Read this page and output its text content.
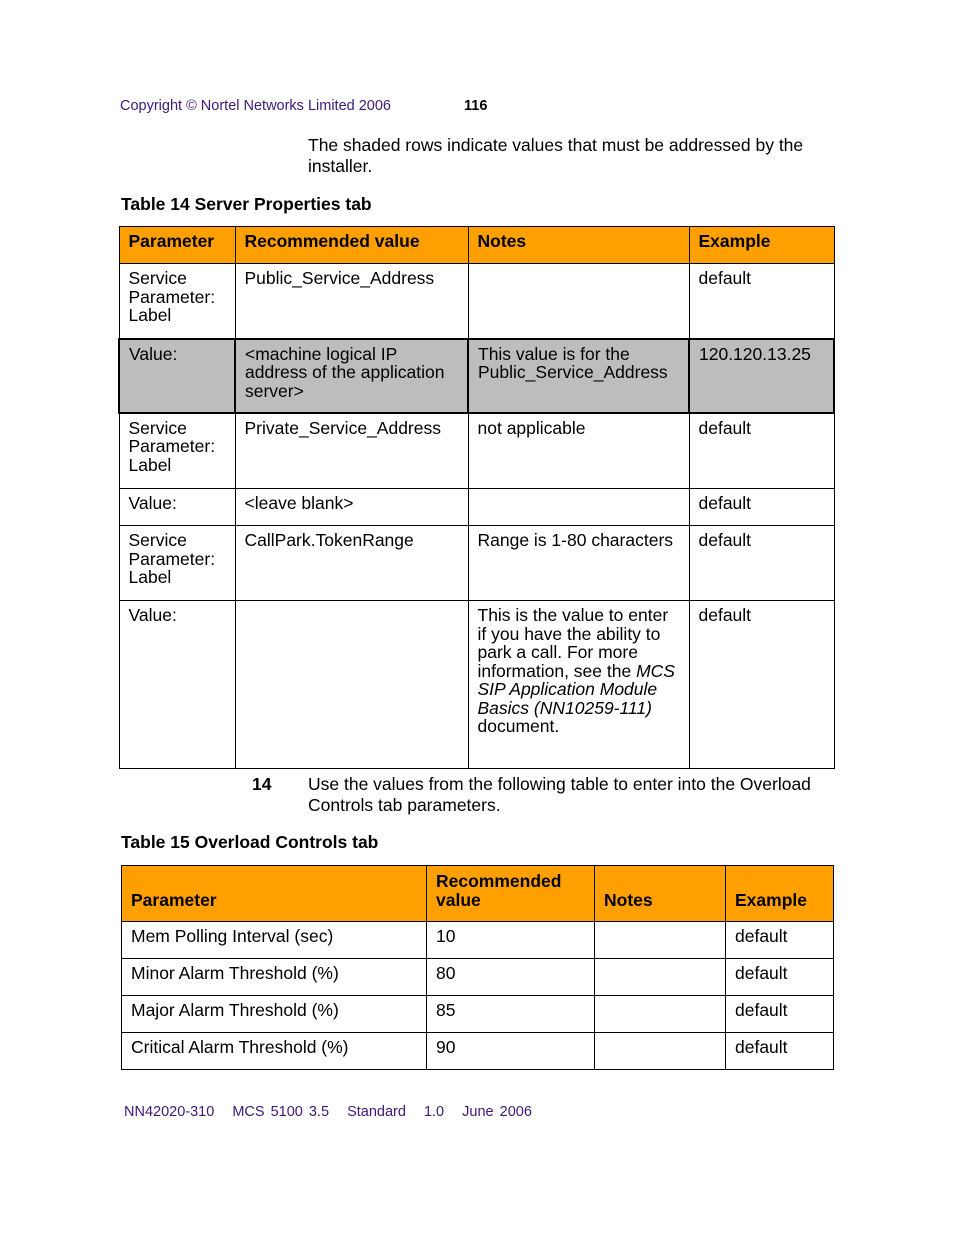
Copyright © Nortel Networks Limited 2006	116
The shaded rows indicate values that must be addressed by the installer.
Table 14 Server Properties tab
Parameter	Recommended value	Notes	Example
Service Parameter: Label	Public_Service_Address		default
Value:	<machine logical IP address of the application server>	This value is for the Public_Service_Address	120.120.13.25
Service Parameter: Label	Private_Service_Address	not applicable	default
Value:	<leave blank>		default
Service Parameter: Label	CallPark.TokenRange	Range is 1-80 characters	default
Value:		This is the value to enter if you have the ability to park a call. For more information, see the MCS SIP Application Module Basics (NN10259-111) document.	default
14 Use the values from the following table to enter into the Overload Controls tab parameters.
Table 15 Overload Controls tab
Parameter	Recommended value	Notes	Example
Mem Polling Interval (sec)	10		default
Minor Alarm Threshold (%)	80		default
Major Alarm Threshold (%)	85		default
Critical Alarm Threshold (%)	90		default
NN42020-310 MCS 5100 3.5 Standard 1.0 June 2006
